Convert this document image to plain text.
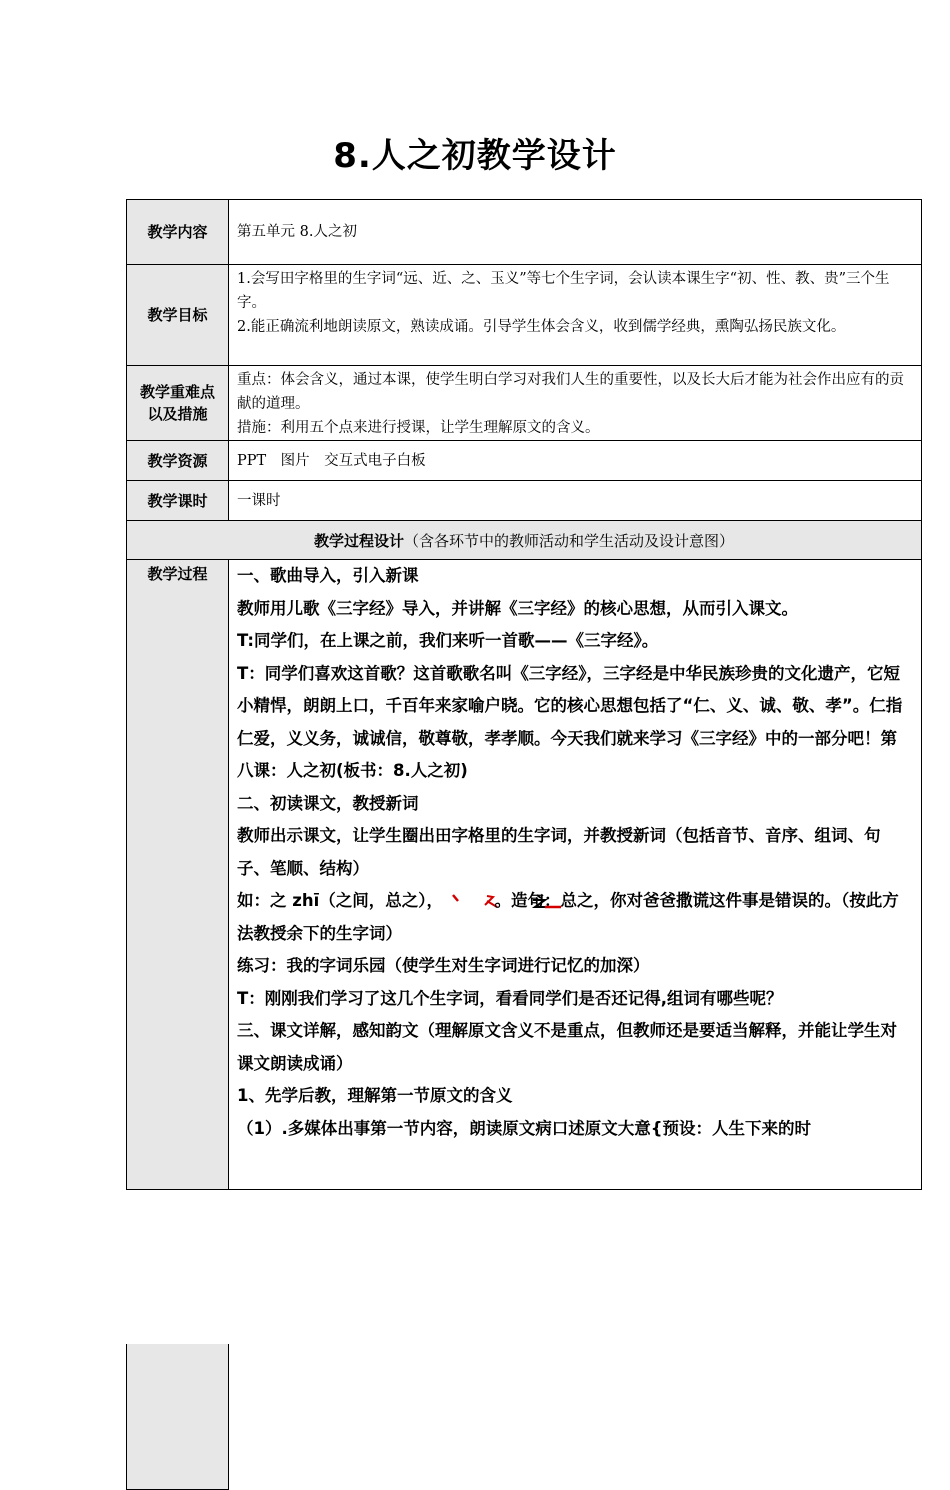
8.人之初教学设计
教学内容 第五单元 8.人之初
教学目标

1.会写田字格里的生字词“远、近、之、玉义”等七个生字词，会认读本课生字“初、性、教、贵”三个生字。

2.能正确流利地朗读原文，熟读成诵。引导学生体会含义，收到儒学经典，熏陶弘扬民族文化。

教学重难点以及措施

重点：体会含义，通过本课，使学生明白学习对我们人生的重要性，以及长大后才能为社会作出应有的贡献的道理。

措施：利用五个点来进行授课，让学生理解原文的含义。

教学资源 PPT　图片　交互式电子白板
教学课时 一课时
教学过程设计 （含各环节中的教师活动和学生活动及设计意图）
教学过程 一、歌曲导入，引入新课

教师用儿歌《三字经》导入，并讲解《三字经》的核心思想，从而引入课文。

T:同学们，在上课之前，我们来听一首歌——《三字经》。

T：同学们喜欢这首歌？这首歌歌名叫《三字经》，三字经是中华民族珍贵的文化遗产，它短小精悍，朗朗上口，千百年来家喻户晓。它的核心思想包括了“仁、义、诚、敬、孝”。仁指仁爱，义义务，诚诚信，敬尊敬，孝孝顺。今天我们就来学习《三字经》中的一部分吧！第八课：人之初(板书：8.人之初)

二、初读课文，教授新词

教师出示课文，让学生圈出田字格里的生字词，并教授新词（包括音节、音序、组词、句子、笔顺、结构）

如：之 zhī（之间，总之），	。造句：总之，你对爸爸撒谎这件事是错误的。（按此方法教授余下的生字词）

练习：我的字词乐园（使学生对生字词进行记忆的加深）

T：刚刚我们学习了这几个生字词，看看同学们是否还记得,组词有哪些呢？

三、课文详解，感知韵文（理解原文含义不是重点，但教师还是要适当解释，并能让学生对课文朗读成诵）

1、先学后教，理解第一节原文的含义

（1）.多媒体出事第一节内容，朗读原文病口述原文大意{预设：人生下来的时
